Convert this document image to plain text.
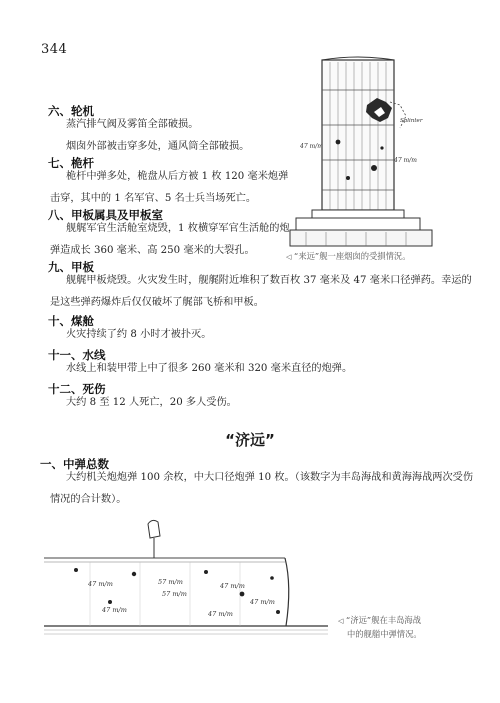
344
47 m/m
47 m/m
Splinter
◁ “来远”舰一座烟囱的受損情況。
六、轮机
蒸汽排气阀及雾笛全部破损。
烟囱外部被击穿多处，通风筒全部破损。
七、桅杆
桅杆中弹多处，桅盘从后方被 1 枚 120 毫米炮弹
击穿，其中的 1 名军官、5 名士兵当场死亡。
八、甲板属具及甲板室
舰艉军官生活舱室烧毁，1 枚横穿军官生活舱的炮
弹造成长 360 毫米、高 250 毫米的大裂孔。
九、甲板
舰艉甲板烧毁。火灾发生时，舰艉附近堆积了数百枚 37 毫米及 47 毫米口径弹药。幸运的
是这些弹药爆炸后仅仅破坏了艉部飞桥和甲板。
十、煤舱
火灾持续了约 8 小时才被扑灭。
十一、水线
水线上和装甲带上中了很多 260 毫米和 320 毫米直径的炮弹。
十二、死伤
大约 8 至 12 人死亡，20 多人受伤。
“济远”
一、中弹总数
大约机关炮炮弹 100 余枚，中大口径炮弹 10 枚。（该数字为丰岛海战和黄海海战两次受伤
情况的合计数）。
47 m/m	57 m/m	47 m/m
57 m/m
47 m/m
47 m/m	47 m/m
◁ “济远”舰在丰岛海战
中的舰艏中弹情况。
